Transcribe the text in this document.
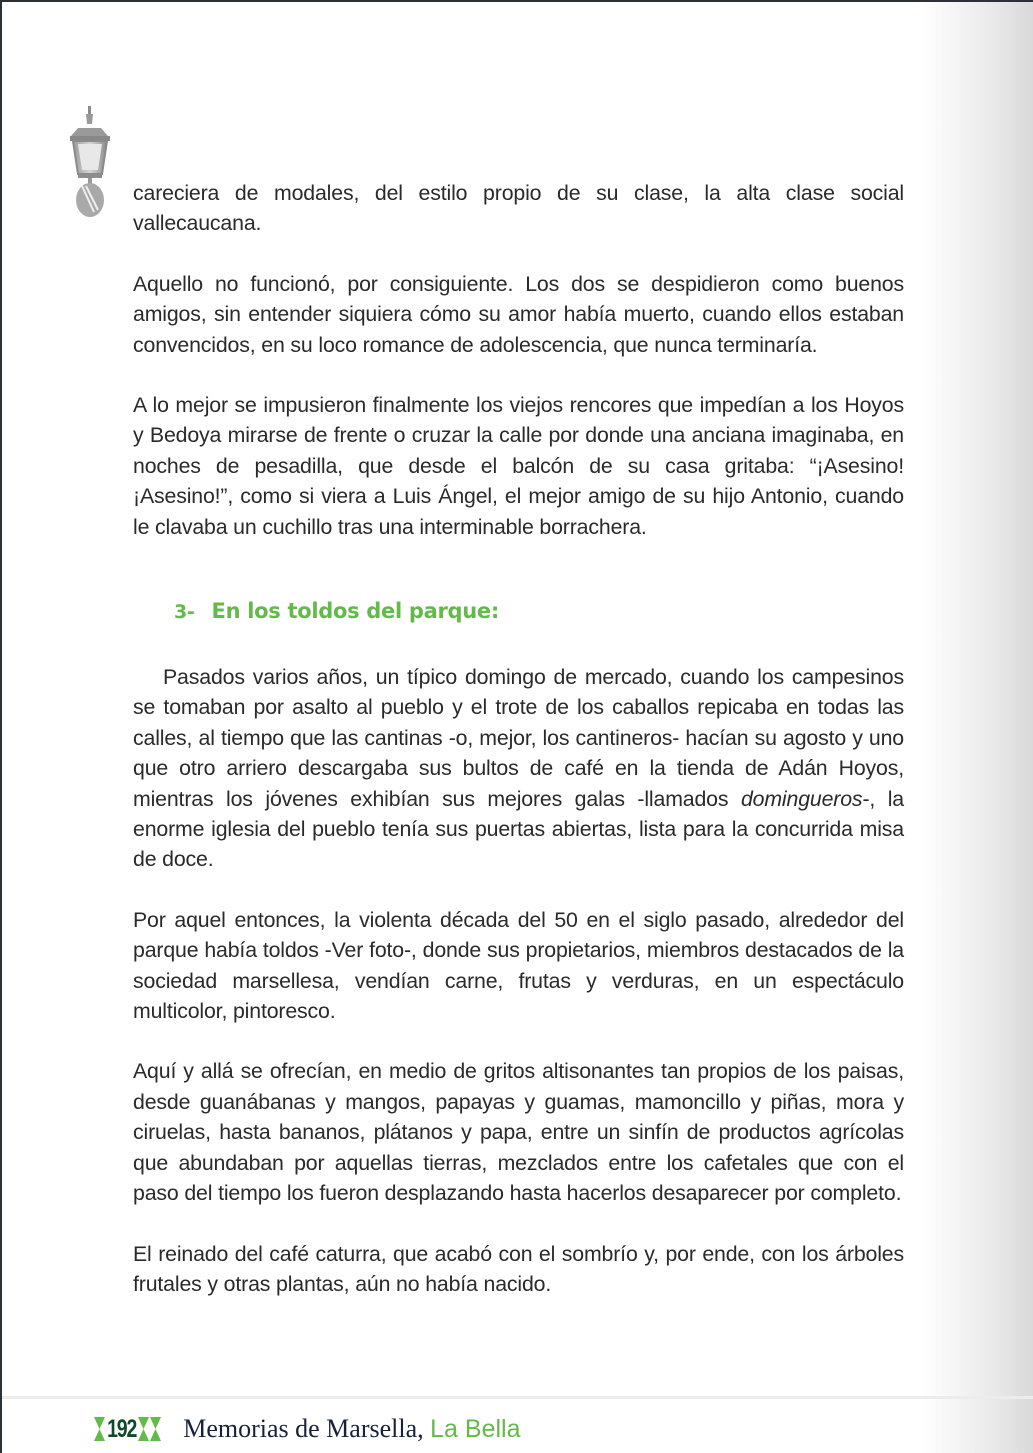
careciera de modales, del estilo propio de su clase, la alta clase social vallecaucana.

Aquello no funcionó, por consiguiente. Los dos se despidieron como buenos amigos, sin entender siquiera cómo su amor había muerto, cuando ellos estaban convencidos, en su loco romance de adolescencia, que nunca terminaría.

A lo mejor se impusieron finalmente los viejos rencores que impedían a los Hoyos y Bedoya mirarse de frente o cruzar la calle por donde una anciana imaginaba, en noches de pesadilla, que desde el balcón de su casa gritaba: “¡Asesino! ¡Asesino!”, como si viera a Luis Ángel, el mejor amigo de su hijo Antonio, cuando le clavaba un cuchillo tras una interminable borrachera.

3- En los toldos del parque:

Pasados varios años, un típico domingo de mercado, cuando los campesinos se tomaban por asalto al pueblo y el trote de los caballos repicaba en todas las calles, al tiempo que las cantinas -o, mejor, los cantineros- hacían su agosto y uno que otro arriero descargaba sus bultos de café en la tienda de Adán Hoyos, mientras los jóvenes exhibían sus mejores galas -llamados domingueros-, la enorme iglesia del pueblo tenía sus puertas abiertas, lista para la concurrida misa de doce.

Por aquel entonces, la violenta década del 50 en el siglo pasado, alrededor del parque había toldos -Ver foto-, donde sus propietarios, miembros destacados de la sociedad marsellesa, vendían carne, frutas y verduras, en un espectáculo multicolor, pintoresco.

Aquí y allá se ofrecían, en medio de gritos altisonantes tan propios de los paisas, desde guanábanas y mangos, papayas y guamas, mamoncillo y piñas, mora y ciruelas, hasta bananos, plátanos y papa, entre un sinfín de productos agrícolas que abundaban por aquellas tierras, mezclados entre los cafetales que con el paso del tiempo los fueron desplazando hasta hacerlos desaparecer por completo.

El reinado del café caturra, que acabó con el sombrío y, por ende, con los árboles frutales y otras plantas, aún no había nacido.

192 Memorias de Marsella, La Bella
